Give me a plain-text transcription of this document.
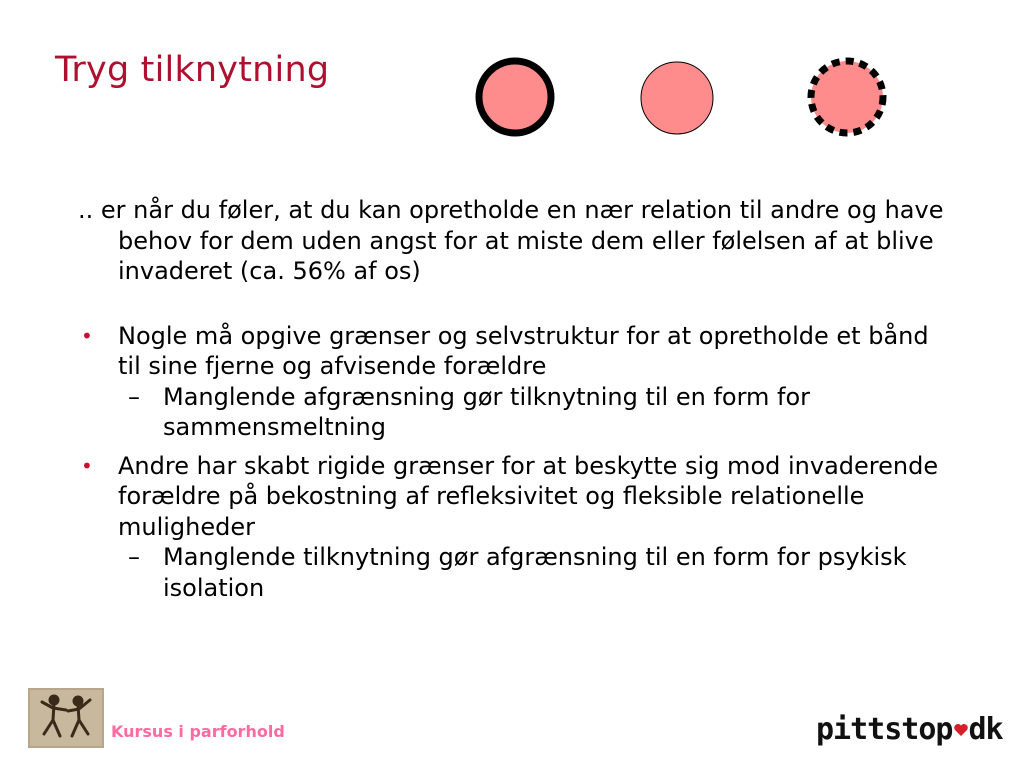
Tryg tilknytning

.. er når du føler, at du kan opretholde en nær relation til andre og have behov for dem uden angst for at miste dem eller følelsen af at blive invaderet (ca. 56% af os)

• Nogle må opgive grænser og selvstruktur for at opretholde et bånd til sine fjerne og afvisende forældre

– Manglende afgrænsning gør tilknytning til en form for sammensmeltning

• Andre har skabt rigide grænser for at beskytte sig mod invaderende forældre på bekostning af refleksivitet og fleksible relationelle muligheder

– Manglende tilknytning gør afgrænsning til en form for psykisk isolation

Kursus i parforhold	pittstop dk
